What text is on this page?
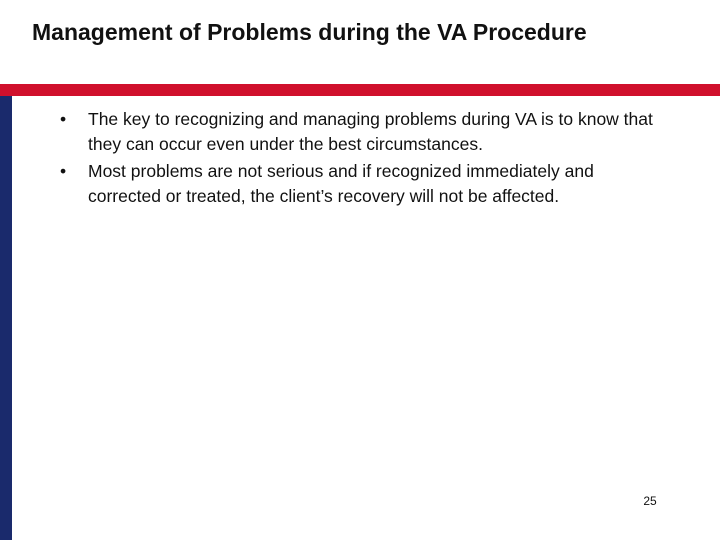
Management of Problems during the VA Procedure
• The key to recognizing and managing problems during VA is to know that they can occur even under the best circumstances.
• Most problems are not serious and if recognized immediately and corrected or treated, the client’s recovery will not be affected.
25
